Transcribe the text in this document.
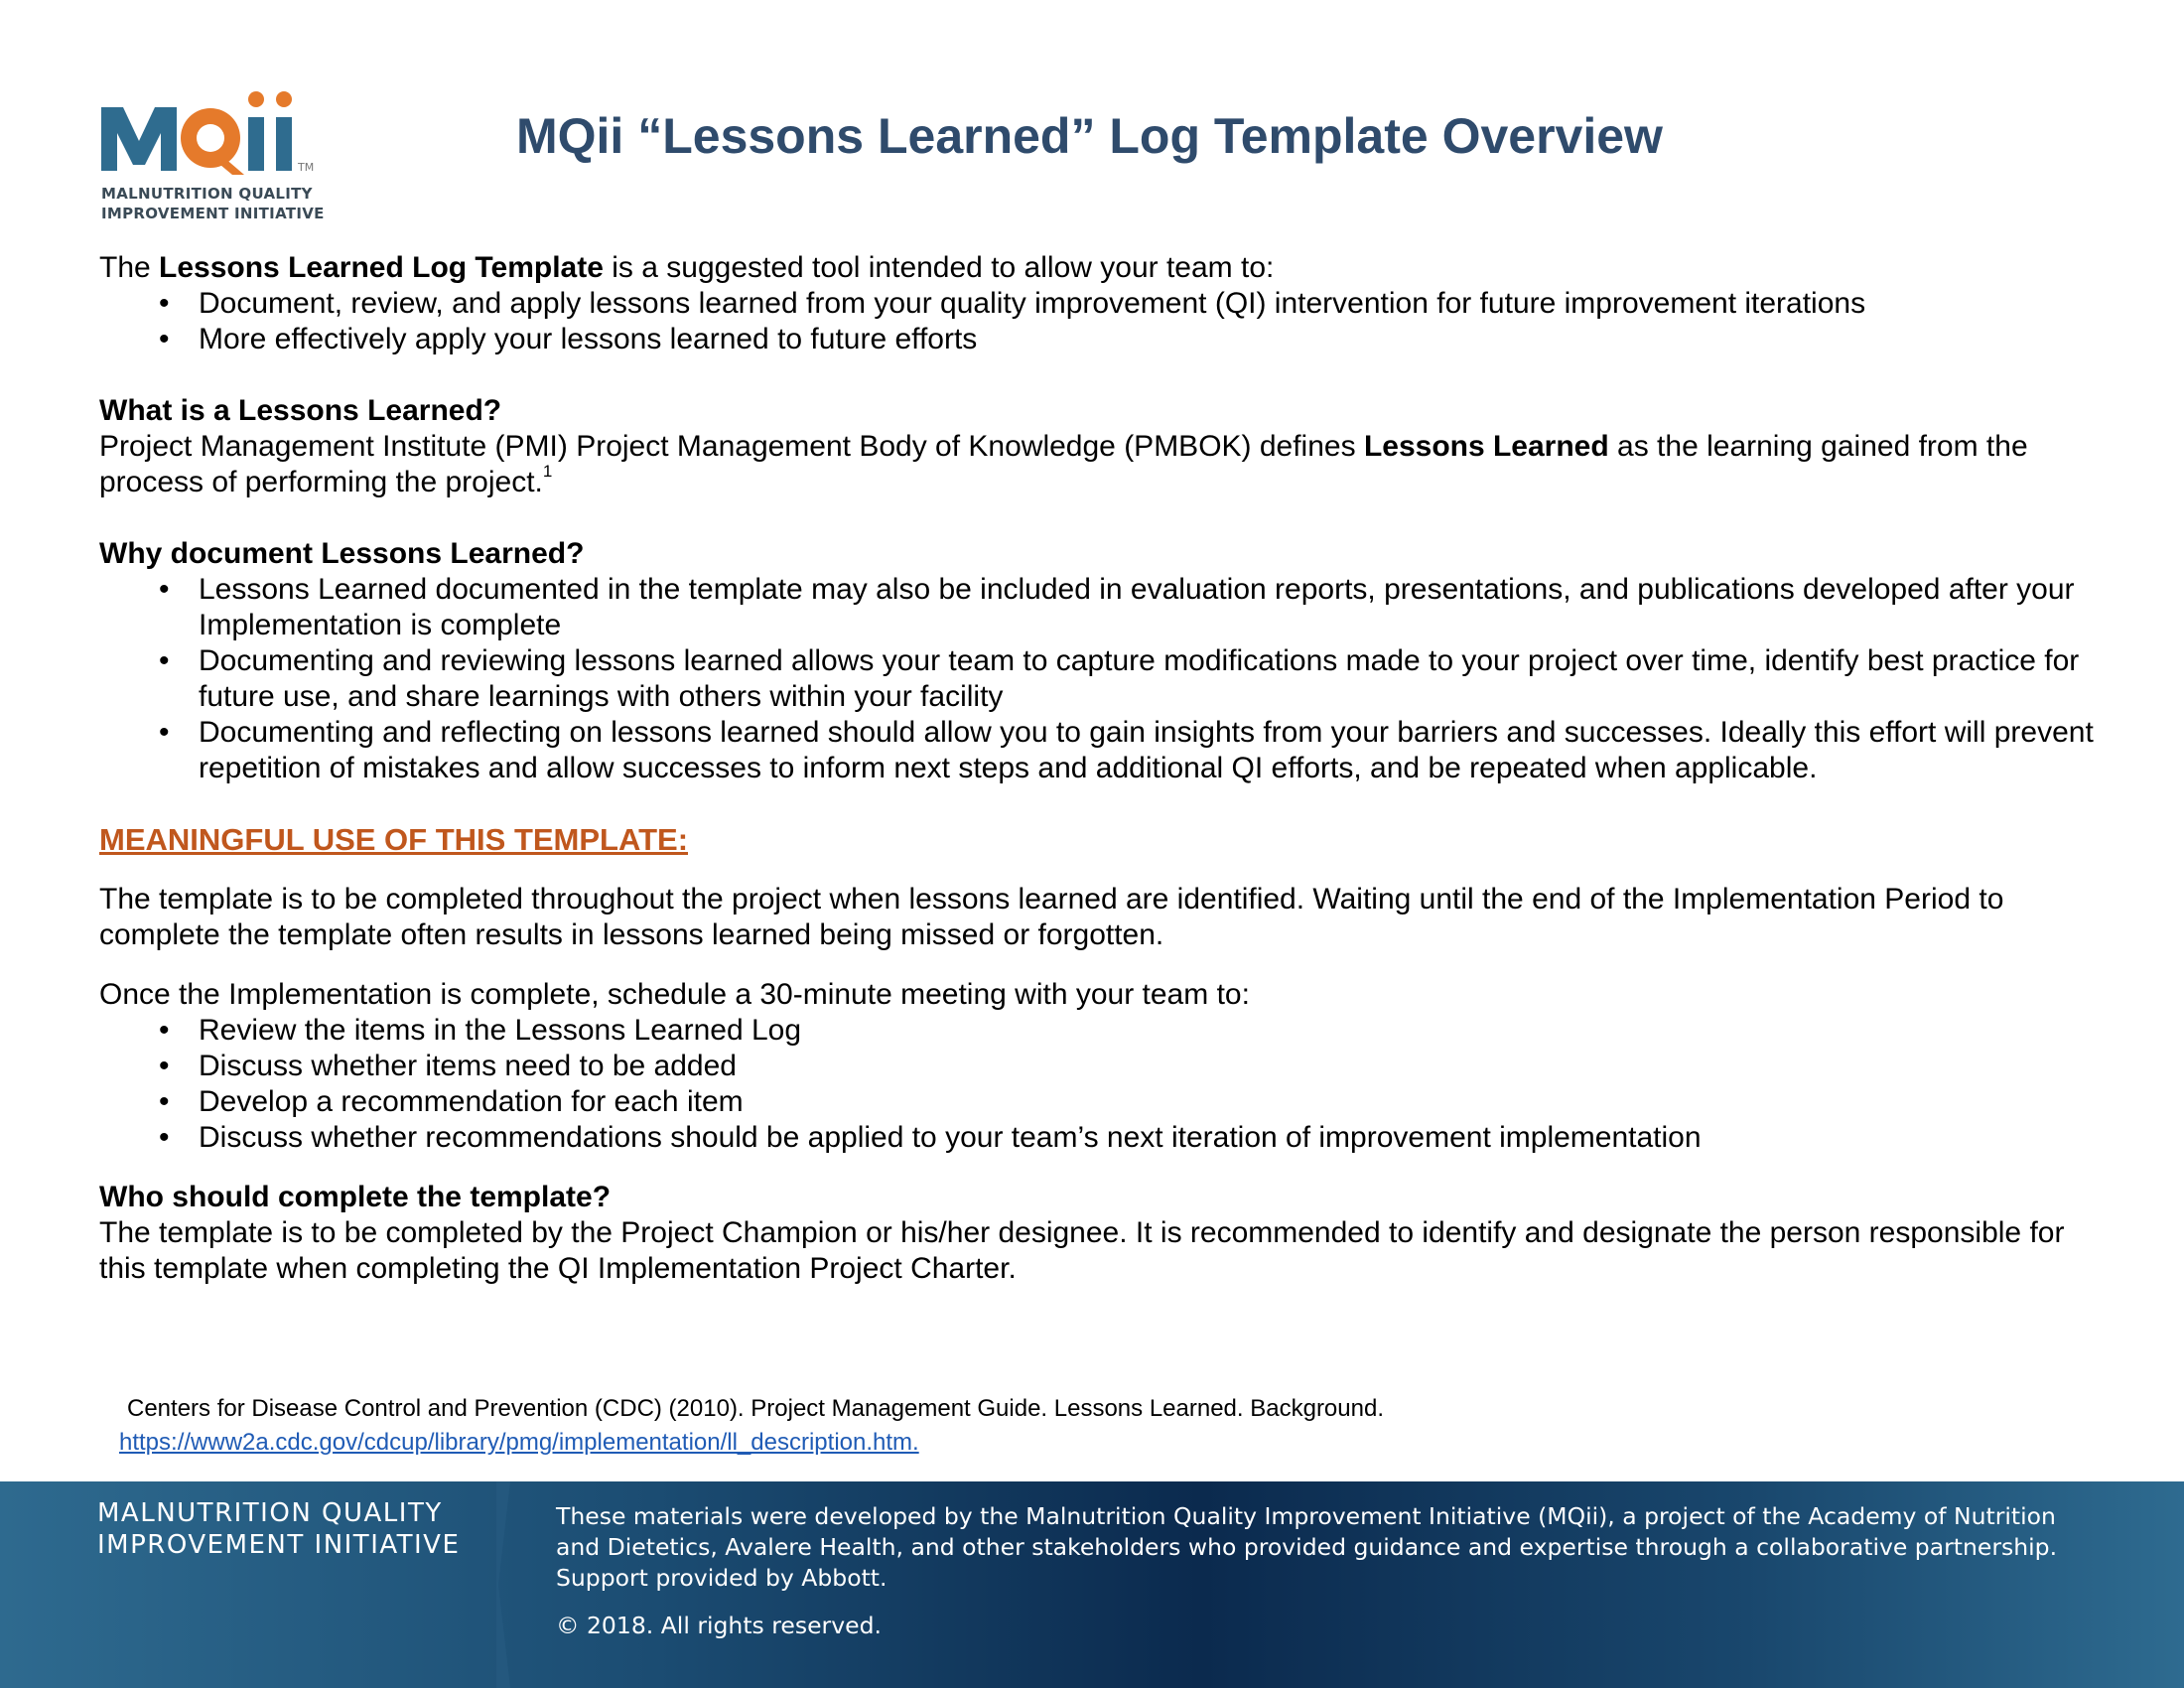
TM
MALNUTRITION QUALITY
IMPROVEMENT INITIATIVE
MQii “Lessons Learned” Log Template Overview

The Lessons Learned Log Template is a suggested tool intended to allow your team to:

• Document, review, and apply lessons learned from your quality improvement (QI) intervention for future improvement iterations
• More effectively apply your lessons learned to future efforts

What is a Lessons Learned?

Project Management Institute (PMI) Project Management Body of Knowledge (PMBOK) defines Lessons Learned as the learning gained from the process of performing the project.$^1$

Why document Lessons Learned?

• Lessons Learned documented in the template may also be included in evaluation reports, presentations, and publications developed after your Implementation is complete
• Documenting and reviewing lessons learned allows your team to capture modifications made to your project over time, identify best practice for future use, and share learnings with others within your facility
• Documenting and reflecting on lessons learned should allow you to gain insights from your barriers and successes. Ideally this effort will prevent repetition of mistakes and allow successes to inform next steps and additional QI efforts, and be repeated when applicable.

MEANINGFUL USE OF THIS TEMPLATE:

The template is to be completed throughout the project when lessons learned are identified. Waiting until the end of the Implementation Period to complete the template often results in lessons learned being missed or forgotten.

Once the Implementation is complete, schedule a 30-minute meeting with your team to:

• Review the items in the Lessons Learned Log
• Discuss whether items need to be added
• Develop a recommendation for each item
• Discuss whether recommendations should be applied to your team’s next iteration of improvement implementation

Who should complete the template?

The template is to be completed by the Project Champion or his/her designee. It is recommended to identify and designate the person responsible for this template when completing the QI Implementation Project Charter.

Centers for Disease Control and Prevention (CDC) (2010). Project Management Guide. Lessons Learned. Background.
https://www2a.cdc.gov/cdcup/library/pmg/implementation/ll_description.htm.
MALNUTRITION QUALITY
IMPROVEMENT INITIATIVE
These materials were developed by the Malnutrition Quality Improvement Initiative (MQii), a project of the Academy of Nutrition and Dietetics, Avalere Health, and other stakeholders who provided guidance and expertise through a collaborative partnership. Support provided by Abbott.
© 2018. All rights reserved.
